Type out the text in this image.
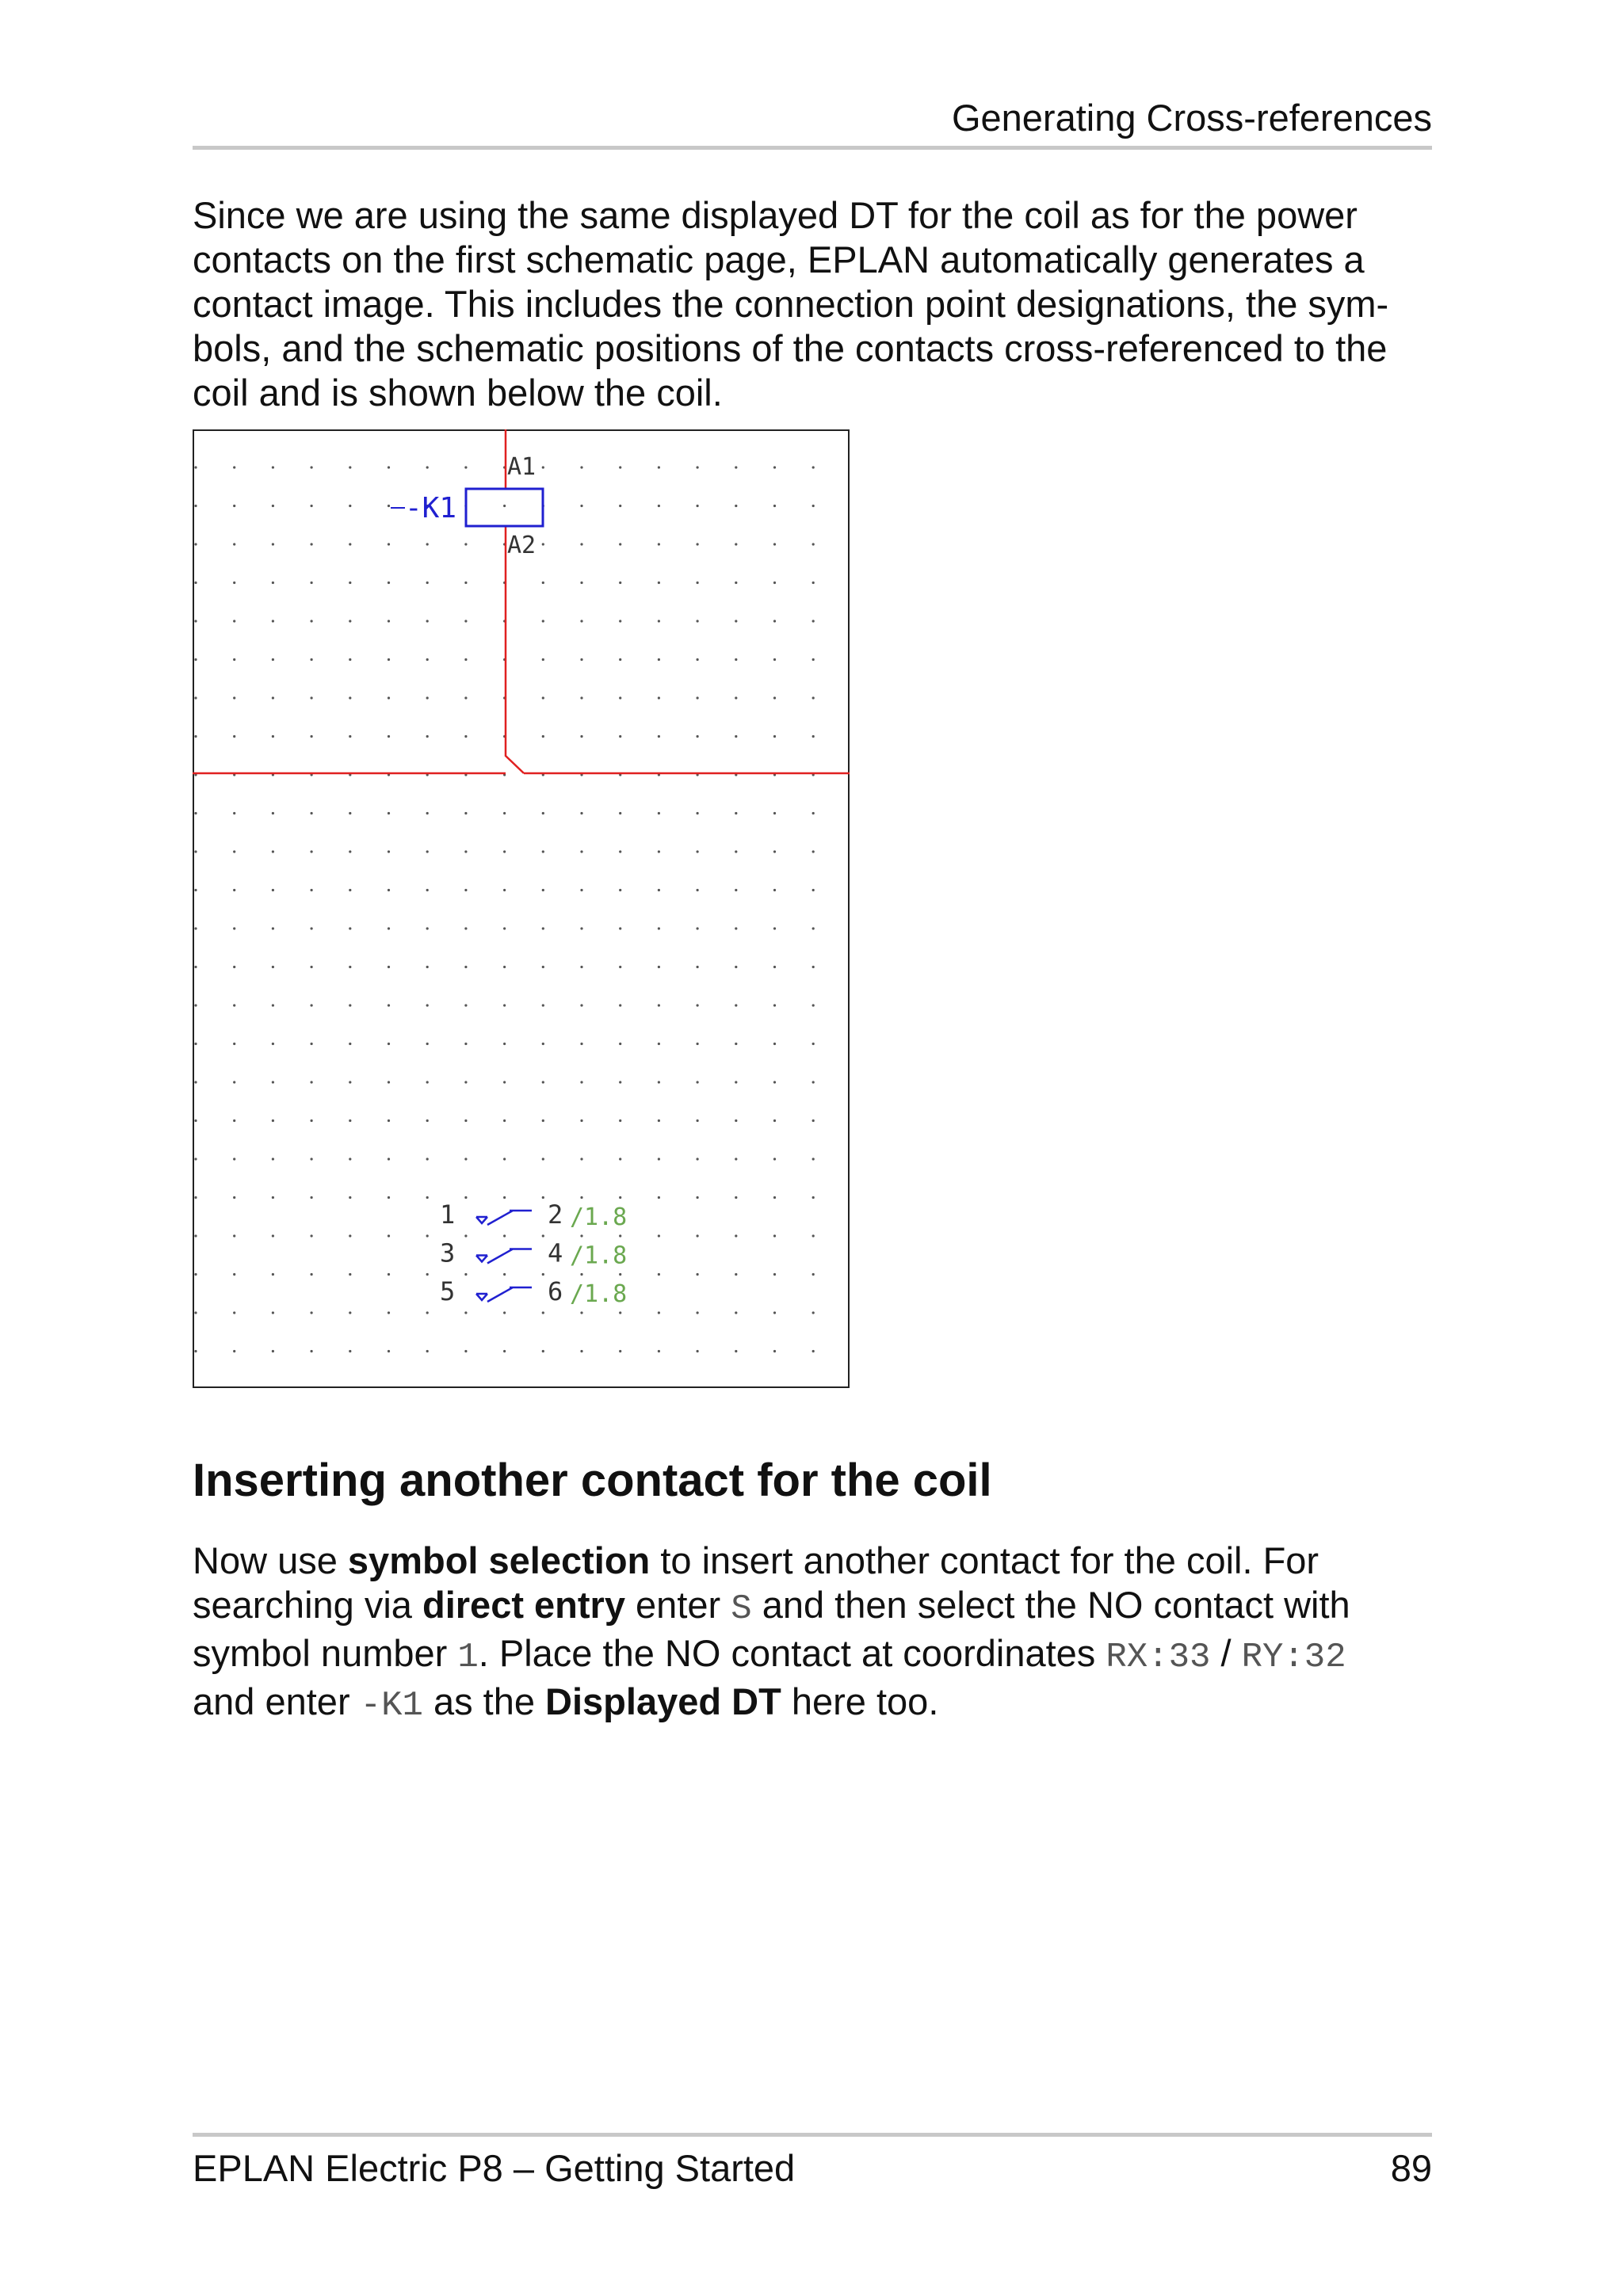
Generating Cross-references

Since we are using the same displayed DT for the coil as for the power

contacts on the first schematic page, EPLAN automatically generates a

contact image. This includes the connection point designations, the sym-

bols, and the schematic positions of the contacts cross-referenced to the

coil and is shown below the coil.

-K1
A1
A2
1	2 /1.8
3	4 /1.8
5	6 /1.8
Inserting another contact for the coil

Now use symbol selection to insert another contact for the coil. For

searching via direct entry enter S and then select the NO contact with

symbol number 1. Place the NO contact at coordinates RX:33 / RY:32

and enter -K1 as the Displayed DT here too.

EPLAN Electric P8 – Getting Started	89
